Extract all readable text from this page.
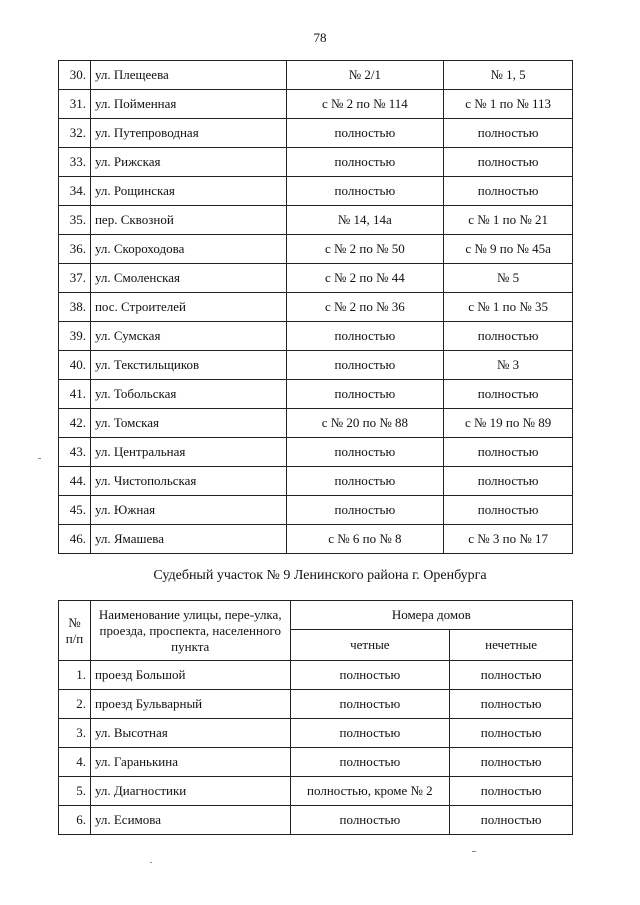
78
30.	ул. Плещеева	№ 2/1	№ 1, 5
31.	ул. Пойменная	с № 2 по № 114	с № 1 по № 113
32.	ул. Путепроводная	полностью	полностью
33.	ул. Рижская	полностью	полностью
34.	ул. Рощинская	полностью	полностью
35.	пер. Сквозной	№ 14, 14а	с № 1 по № 21
36.	ул. Скороходова	с № 2 по № 50	с № 9 по № 45а
37.	ул. Смоленская	с № 2 по № 44	№ 5
38.	пос. Строителей	с № 2 по № 36	с № 1 по № 35
39.	ул. Сумская	полностью	полностью
40.	ул. Текстильщиков	полностью	№ 3
41.	ул. Тобольская	полностью	полностью
42.	ул. Томская	с № 20 по № 88	с № 19 по № 89
43.	ул. Центральная	полностью	полностью
44.	ул. Чистопольская	полностью	полностью
45.	ул. Южная	полностью	полностью
46.	ул. Ямашева	с № 6 по № 8	с № 3 по № 17
Судебный участок № 9 Ленинского района г. Оренбурга
№ п/п	Наименование улицы, пере-улка, проезда, проспекта, населенного пункта	Номера домов	
		четные	нечетные
1.	проезд Большой	полностью	полностью
2.	проезд Бульварный	полностью	полностью
3.	ул. Высотная	полностью	полностью
4.	ул. Гаранькина	полностью	полностью
5.	ул. Диагностики	полностью, кроме № 2	полностью
6.	ул. Есимова	полностью	полностью
